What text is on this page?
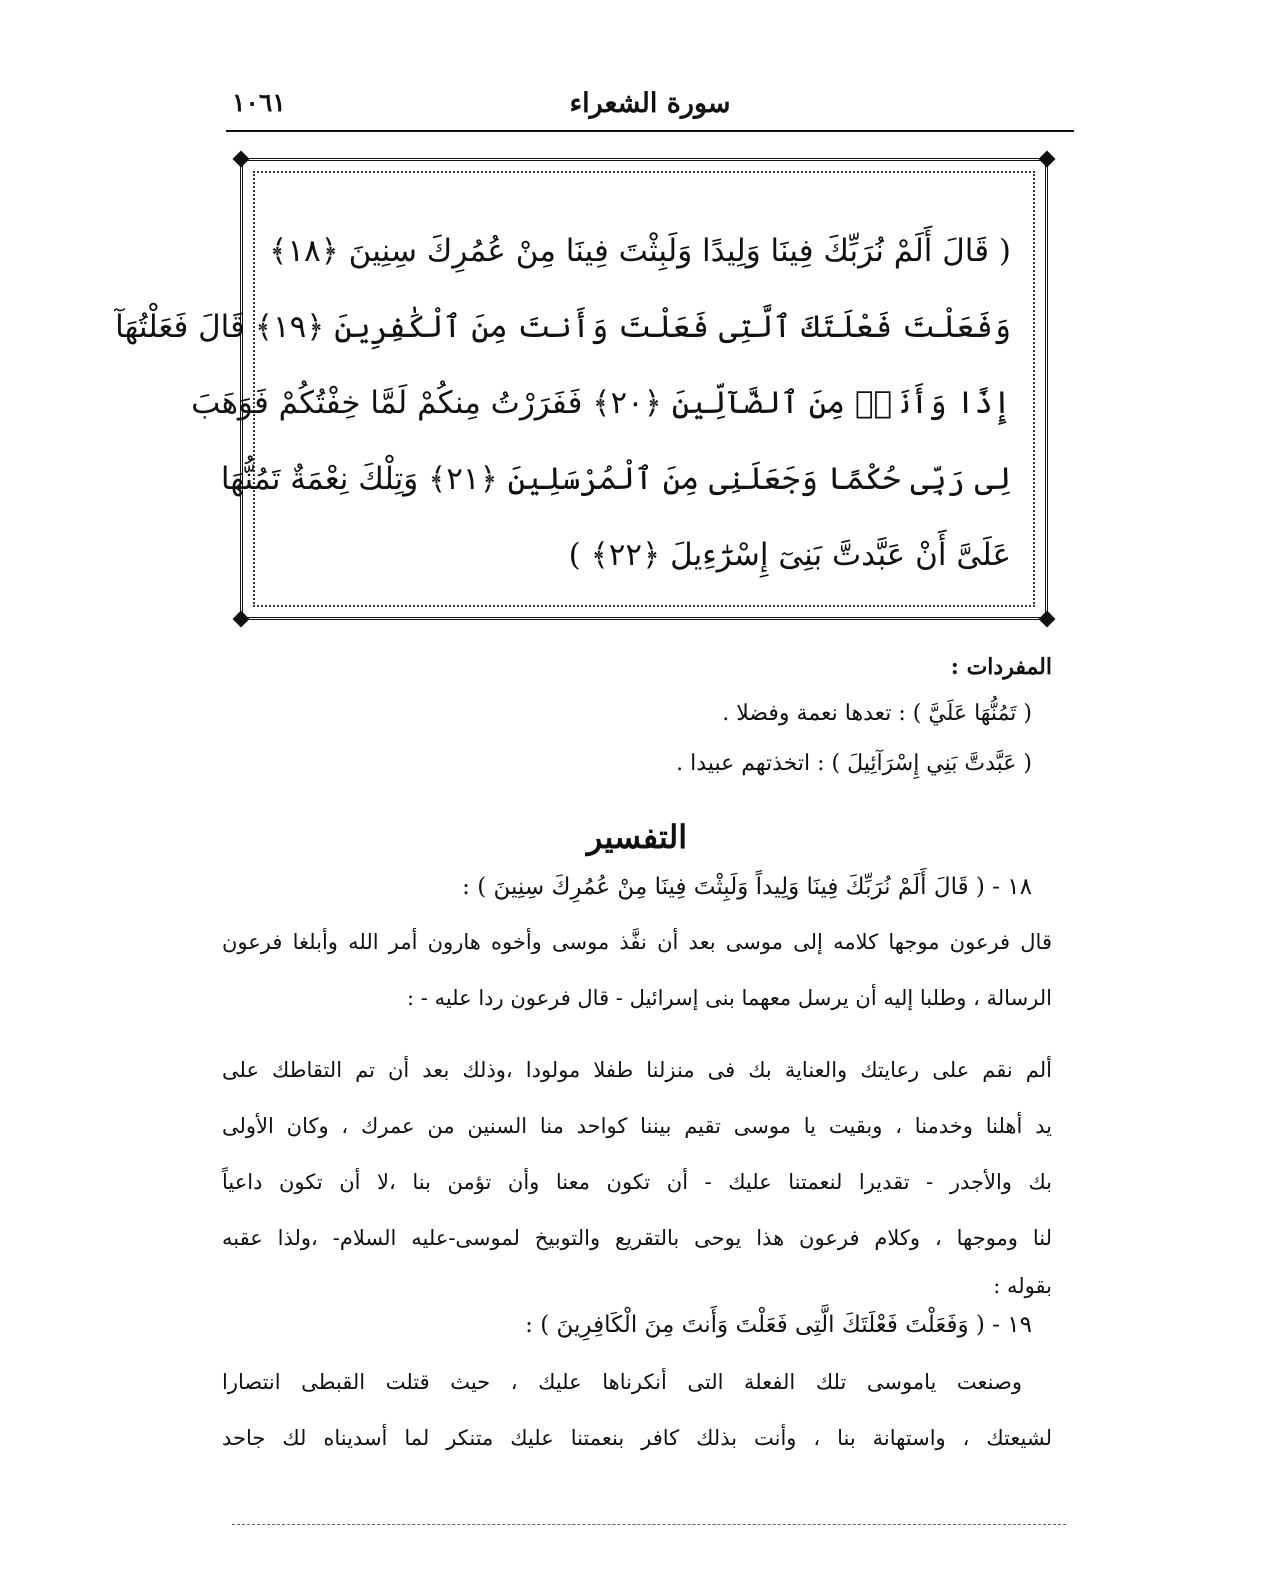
سورة الشعراء
١٠٦١
( قَالَ أَلَمْ نُرَبِّكَ فِينَا وَلِيدًا وَلَبِثْتَ فِينَا مِنْ عُمُرِكَ سِنِينَ ﴿١٨﴾
وَفَعَلْتَ فَعْلَتَكَ ٱلَّتِى فَعَلْتَ وَأَنتَ مِنَ ٱلْكَٰفِرِينَ ﴿١٩﴾ قَالَ فَعَلْتُهَآ
إِذًا وَأَنَا۠ مِنَ ٱلضَّآلِّينَ ﴿٢٠﴾ فَفَرَرْتُ مِنكُمْ لَمَّا خِفْتُكُمْ فَوَهَبَ
لِى رَبِّى حُكْمًا وَجَعَلَنِى مِنَ ٱلْمُرْسَلِينَ ﴿٢١﴾ وَتِلْكَ نِعْمَةٌ تَمُنُّهَا
عَلَىَّ أَنْ عَبَّدتَّ بَنِىٓ إِسْرَٰٓءِيلَ ﴿٢٢﴾ )
المفردات :
( تَمُنُّهَا عَلَيَّ ) : تعدها نعمة وفضلا .
( عَبَّدتَّ بَنِي إِسْرَآئِيلَ ) : اتخذتهم عبيدا .
التفسير
١٨ - ( قَالَ أَلَمْ نُرَبِّكَ فِينَا وَلِيداً وَلَبِثْتَ فِينَا مِنْ عُمُرِكَ سِنِينَ ) :
قال فرعون موجها كلامه إلى موسى بعد أن نفَّذ موسى وأخوه هارون أمر الله وأبلغا فرعون
الرسالة ، وطلبا إليه أن يرسل معهما بنى إسرائيل - قال فرعون ردا عليه - :
ألم نقم على رعايتك والعناية بك فى منزلنا طفلا مولودا ،وذلك بعد أن تم التقاطك على
يد أهلنا وخدمنا ، وبقيت يا موسى تقيم بيننا كواحد منا السنين من عمرك ، وكان الأولى
بك والأجدر - تقديرا لنعمتنا عليك - أن تكون معنا وأن تؤمن بنا ،لا أن تكون داعياً
لنا وموجها ، وكلام فرعون هذا يوحى بالتقريع والتوبيخ لموسى-عليه السلام- ،ولذا عقبه
بقوله :
١٩ - ( وَفَعَلْتَ فَعْلَتَكَ الَّتِى فَعَلْتَ وَأَنتَ مِنَ الْكَافِرِينَ ) :
وصنعت ياموسى تلك الفعلة التى أنكرناها عليك ، حيث قتلت القبطى انتصارا
لشيعتك ، واستهانة بنا ، وأنت بذلك كافر بنعمتنا عليك متنكر لما أسديناه لك جاحد
